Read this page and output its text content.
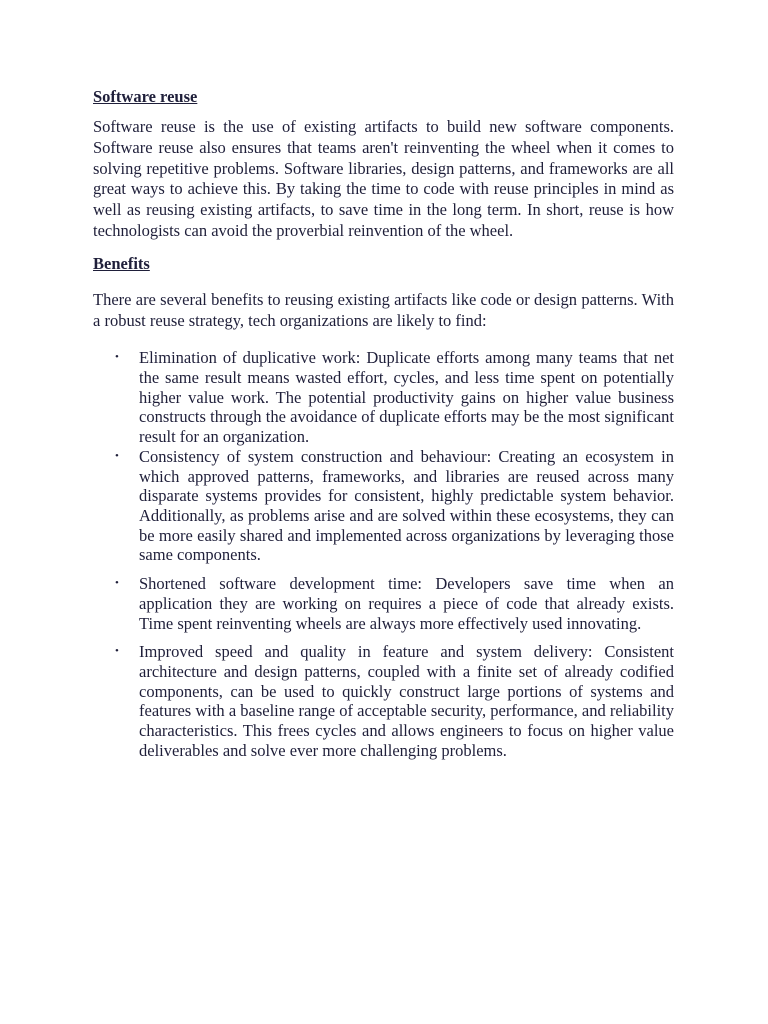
Software reuse

Software reuse is the use of existing artifacts to build new software components. Software reuse also ensures that teams aren't reinventing the wheel when it comes to solving repetitive problems. Software libraries, design patterns, and frameworks are all great ways to achieve this. By taking the time to code with reuse principles in mind as well as reusing existing artifacts, to save time in the long term. In short, reuse is how technologists can avoid the proverbial reinvention of the wheel.

Benefits

There are several benefits to reusing existing artifacts like code or design patterns. With a robust reuse strategy, tech organizations are likely to find:

• Elimination of duplicative work: Duplicate efforts among many teams that net the same result means wasted effort, cycles, and less time spent on potentially higher value work. The potential productivity gains on higher value business constructs through the avoidance of duplicate efforts may be the most significant result for an organization.
• Consistency of system construction and behaviour: Creating an ecosystem in which approved patterns, frameworks, and libraries are reused across many disparate systems provides for consistent, highly predictable system behavior. Additionally, as problems arise and are solved within these ecosystems, they can be more easily shared and implemented across organizations by leveraging those same components.
• Shortened software development time: Developers save time when an application they are working on requires a piece of code that already exists. Time spent reinventing wheels are always more effectively used innovating.
• Improved speed and quality in feature and system delivery: Consistent architecture and design patterns, coupled with a finite set of already codified components, can be used to quickly construct large portions of systems and features with a baseline range of acceptable security, performance, and reliability characteristics. This frees cycles and allows engineers to focus on higher value deliverables and solve ever more challenging problems.
